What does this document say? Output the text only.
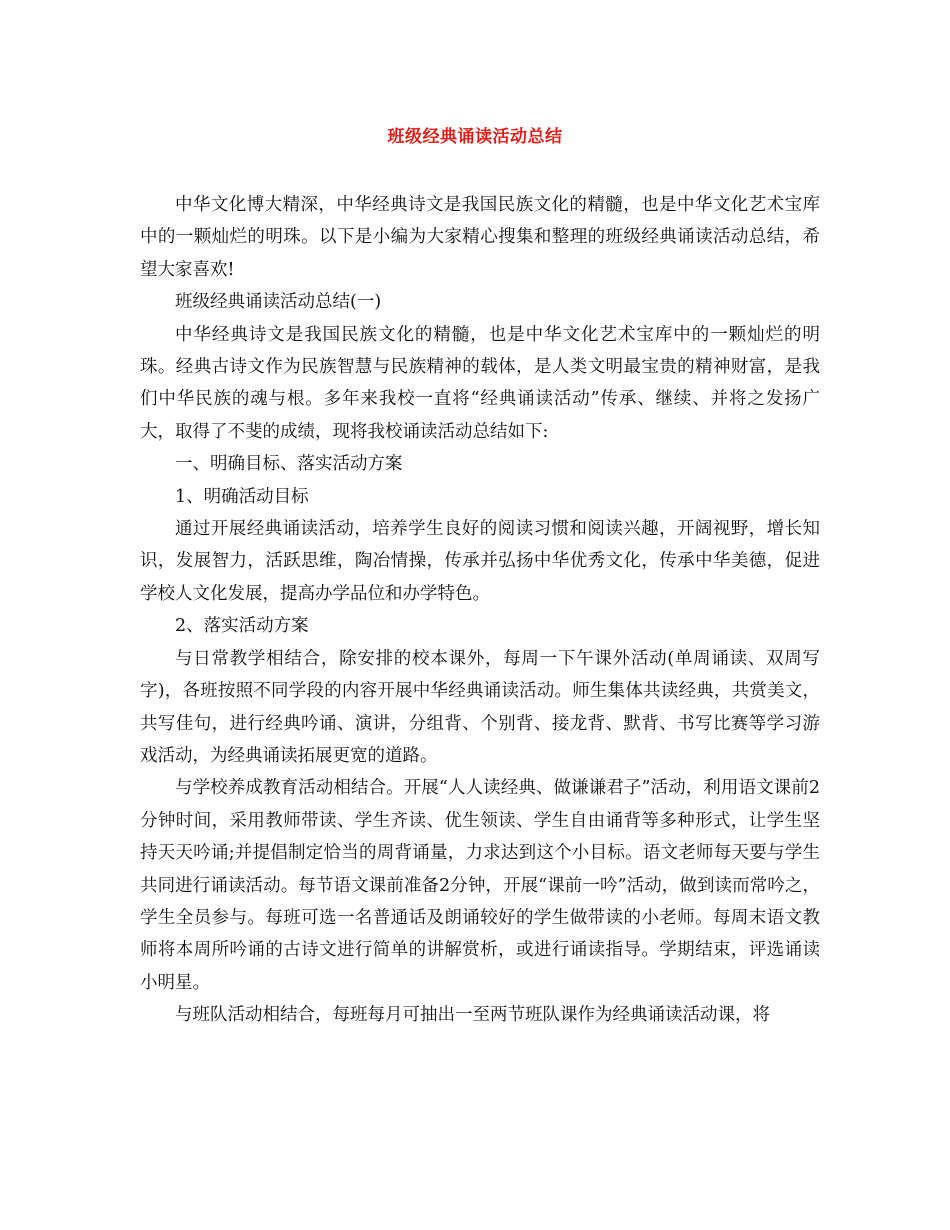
班级经典诵读活动总结

中华文化博大精深，中华经典诗文是我国民族文化的精髓，也是中华文化艺术宝库中的一颗灿烂的明珠。以下是小编为大家精心搜集和整理的班级经典诵读活动总结，希望大家喜欢!

班级经典诵读活动总结(一)

中华经典诗文是我国民族文化的精髓，也是中华文化艺术宝库中的一颗灿烂的明珠。经典古诗文作为民族智慧与民族精神的载体，是人类文明最宝贵的精神财富，是我们中华民族的魂与根。多年来我校一直将“经典诵读活动”传承、继续、并将之发扬广大，取得了不斐的成绩，现将我校诵读活动总结如下:

一、明确目标、落实活动方案

1、明确活动目标

通过开展经典诵读活动，培养学生良好的阅读习惯和阅读兴趣，开阔视野，增长知识，发展智力，活跃思维，陶冶情操，传承并弘扬中华优秀文化，传承中华美德，促进学校人文化发展，提高办学品位和办学特色。

2、落实活动方案

与日常教学相结合，除安排的校本课外，每周一下午课外活动(单周诵读、双周写字)，各班按照不同学段的内容开展中华经典诵读活动。师生集体共读经典，共赏美文，共写佳句，进行经典吟诵、演讲，分组背、个别背、接龙背、默背、书写比赛等学习游戏活动，为经典诵读拓展更宽的道路。

与学校养成教育活动相结合。开展“人人读经典、做谦谦君子”活动，利用语文课前2分钟时间，采用教师带读、学生齐读、优生领读、学生自由诵背等多种形式，让学生坚持天天吟诵;并提倡制定恰当的周背诵量，力求达到这个小目标。语文老师每天要与学生共同进行诵读活动。每节语文课前准备2分钟，开展“课前一吟”活动，做到读而常吟之，学生全员参与。每班可选一名普通话及朗诵较好的学生做带读的小老师。每周末语文教师将本周所吟诵的古诗文进行简单的讲解赏析，或进行诵读指导。学期结束，评选诵读小明星。

与班队活动相结合，每班每月可抽出一至两节班队课作为经典诵读活动课，将
